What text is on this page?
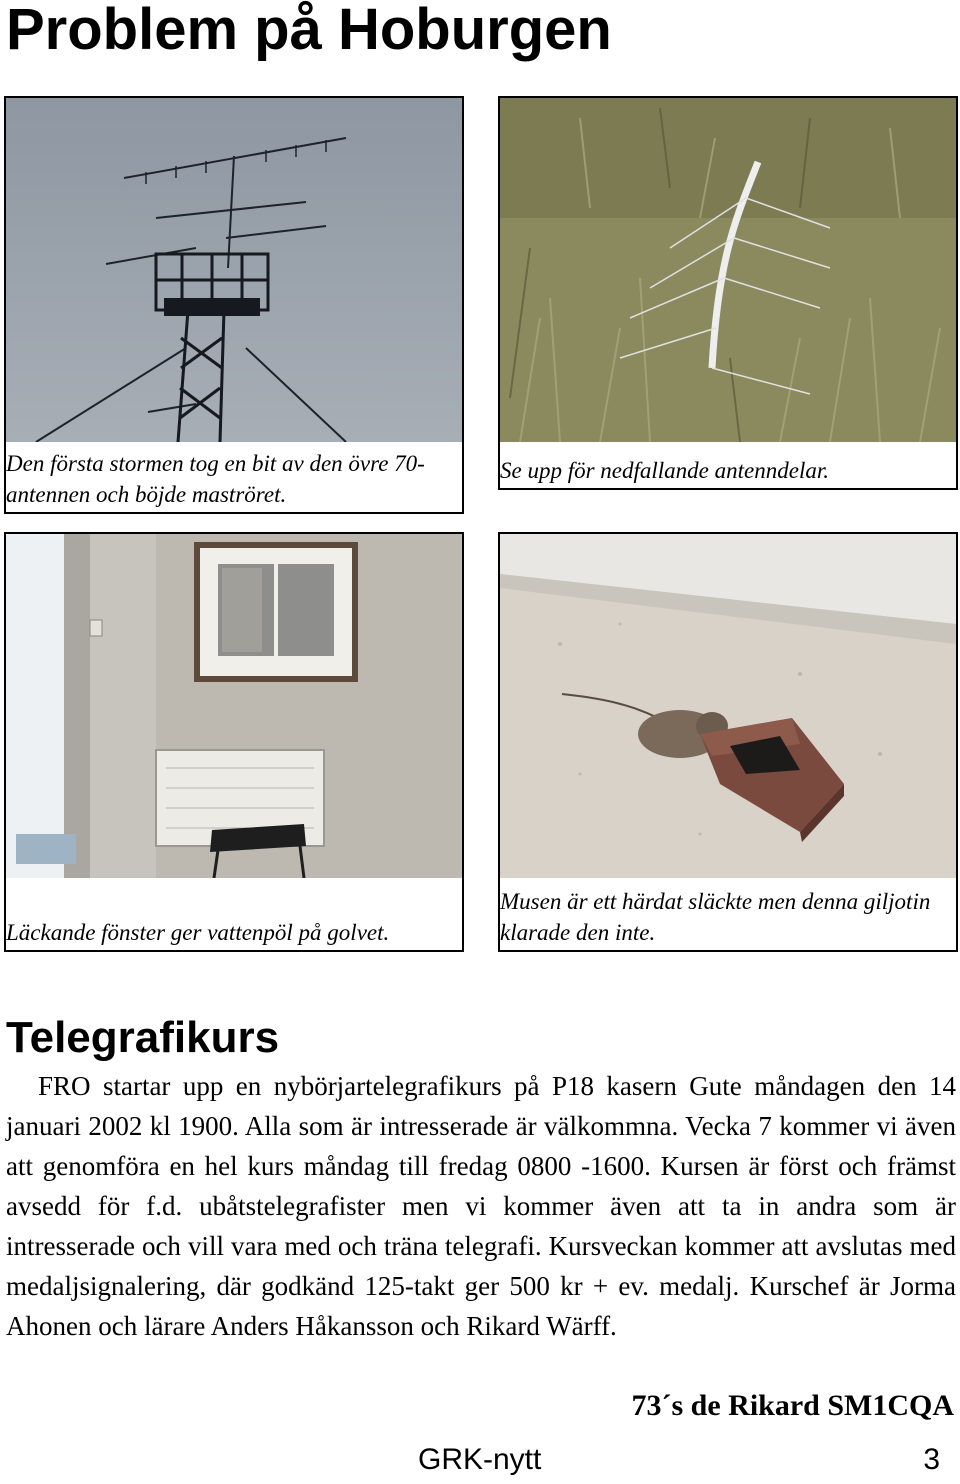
Problem på Hoburgen
Den första stormen tog en bit av den övre 70-antennen och böjde maströret.
Se upp för nedfallande antenndelar.
Läckande fönster ger vattenpöl på golvet.
Musen är ett härdat släckte men denna giljotin klarade den inte.
Telegrafikurs

FRO startar upp en nybörjartelegrafikurs på P18 kasern Gute måndagen den 14 januari 2002 kl 1900. Alla som är intresserade är välkommna. Vecka 7 kommer vi även att genomföra en hel kurs måndag till fredag 0800 -1600. Kursen är först och främst avsedd för f.d. ubåtstelegrafister men vi kommer även att ta in andra som är intresserade och vill vara med och träna telegrafi. Kursveckan kommer att avslutas med medaljsignalering, där godkänd 125-takt ger 500 kr + ev. medalj. Kurschef är Jorma Ahonen och lärare Anders Håkansson och Rikard Wärff.

73´s de Rikard SM1CQA
GRK-nytt	3
